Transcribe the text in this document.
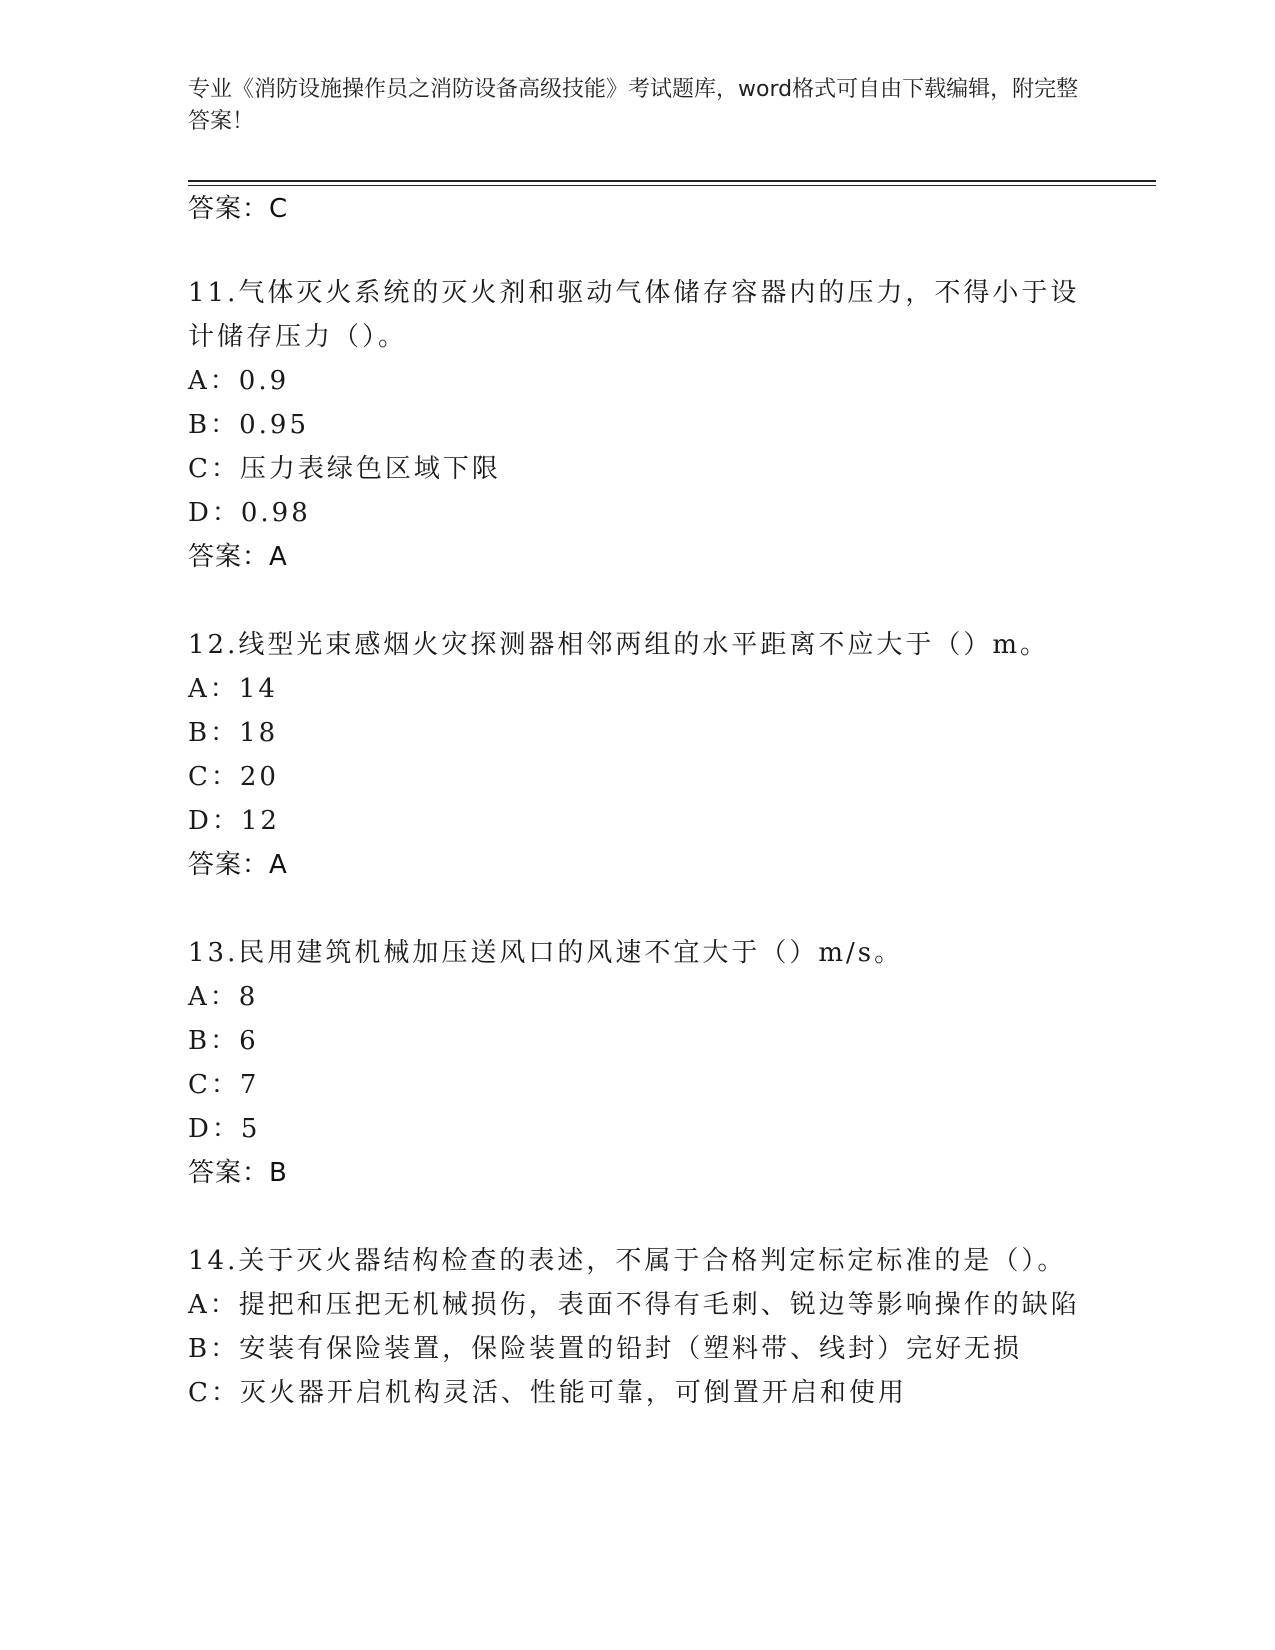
专业《消防设施操作员之消防设备高级技能》考试题库，word格式可自由下载编辑，附完整答案！
答案：C
11.气体灭火系统的灭火剂和驱动气体储存容器内的压力，不得小于设
计储存压力（）。
A：0.9
B：0.95
C：压力表绿色区域下限
D：0.98
答案：A
12.线型光束感烟火灾探测器相邻两组的水平距离不应大于（）m。
A：14
B：18
C：20
D：12
答案：A
13.民用建筑机械加压送风口的风速不宜大于（）m/s。
A：8
B：6
C：7
D：5
答案：B
14.关于灭火器结构检查的表述，不属于合格判定标定标准的是（）。
A：提把和压把无机械损伤，表面不得有毛刺、锐边等影响操作的缺陷
B：安装有保险装置，保险装置的铅封（塑料带、线封）完好无损
C：灭火器开启机构灵活、性能可靠，可倒置开启和使用
